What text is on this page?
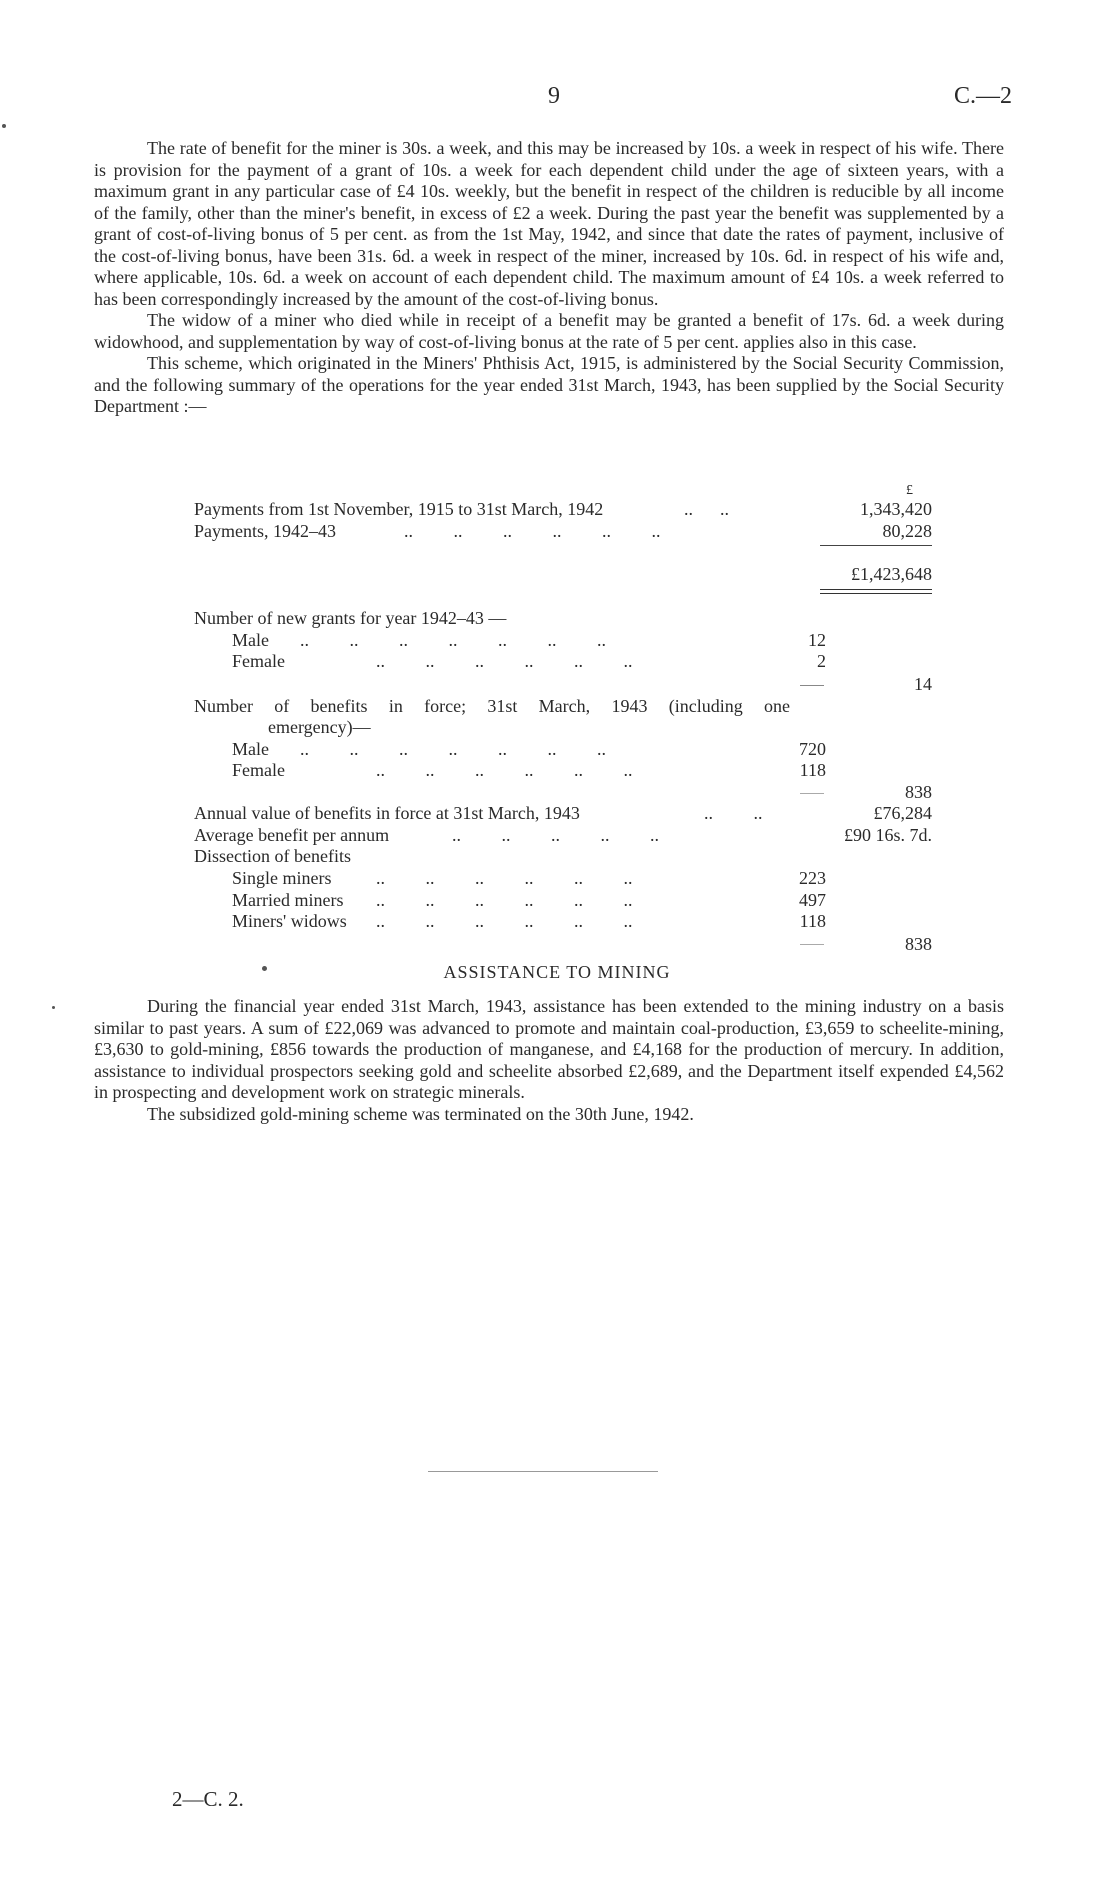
9	C.—2

The rate of benefit for the miner is 30s. a week, and this may be increased by 10s. a week in respect of his wife. There is provision for the payment of a grant of 10s. a week for each dependent child under the age of sixteen years, with a maximum grant in any particular case of £4 10s. weekly, but the benefit in respect of the children is reducible by all income of the family, other than the miner's benefit, in excess of £2 a week. During the past year the benefit was supplemented by a grant of cost-of-living bonus of 5 per cent. as from the 1st May, 1942, and since that date the rates of payment, inclusive of the cost-of-living bonus, have been 31s. 6d. a week in respect of the miner, increased by 10s. 6d. in respect of his wife and, where applicable, 10s. 6d. a week on account of each dependent child. The maximum amount of £4 10s. a week referred to has been correspondingly increased by the amount of the cost-of-living bonus.

The widow of a miner who died while in receipt of a benefit may be granted a benefit of 17s. 6d. a week during widowhood, and supplementation by way of cost-of-living bonus at the rate of 5 per cent. applies also in this case.

This scheme, which originated in the Miners' Phthisis Act, 1915, is administered by the Social Security Commission, and the following summary of the operations for the year ended 31st March, 1943, has been supplied by the Social Security Department :—

£
Payments from 1st November, 1915 to 31st March, 1942	..      ..	1,343,420
Payments, 1942–43	..         ..         ..         ..         ..         ..	80,228
£1,423,648
Number of new grants for year 1942–43 —
Male ..         ..         ..         ..         ..         ..         ..	12
Female	..         ..         ..         ..         ..         ..	2
14
Number of benefits in force; 31st March, 1943 (including one
emergency)—
Male ..         ..         ..         ..         ..         ..         ..	720
Female	..         ..         ..         ..         ..         ..	118
838
Annual value of benefits in force at 31st March, 1943	..         ..	£76,284
Average benefit per annum	..         ..         ..         ..         ..	£90 16s. 7d.
Dissection of benefits
Single miners ..         ..         ..         ..         ..         ..	223
Married miners ..         ..         ..         ..         ..         ..	497
Miners' widows ..         ..         ..         ..         ..         ..	118
838
ASSISTANCE TO MINING

During the financial year ended 31st March, 1943, assistance has been extended to the mining industry on a basis similar to past years. A sum of £22,069 was advanced to promote and maintain coal-production, £3,659 to scheelite-mining, £3,630 to gold-mining, £856 towards the production of manganese, and £4,168 for the production of mercury. In addition, assistance to individual prospectors seeking gold and scheelite absorbed £2,689, and the Department itself expended £4,562 in prospecting and development work on strategic minerals.

The subsidized gold-mining scheme was terminated on the 30th June, 1942.

2—C. 2.
